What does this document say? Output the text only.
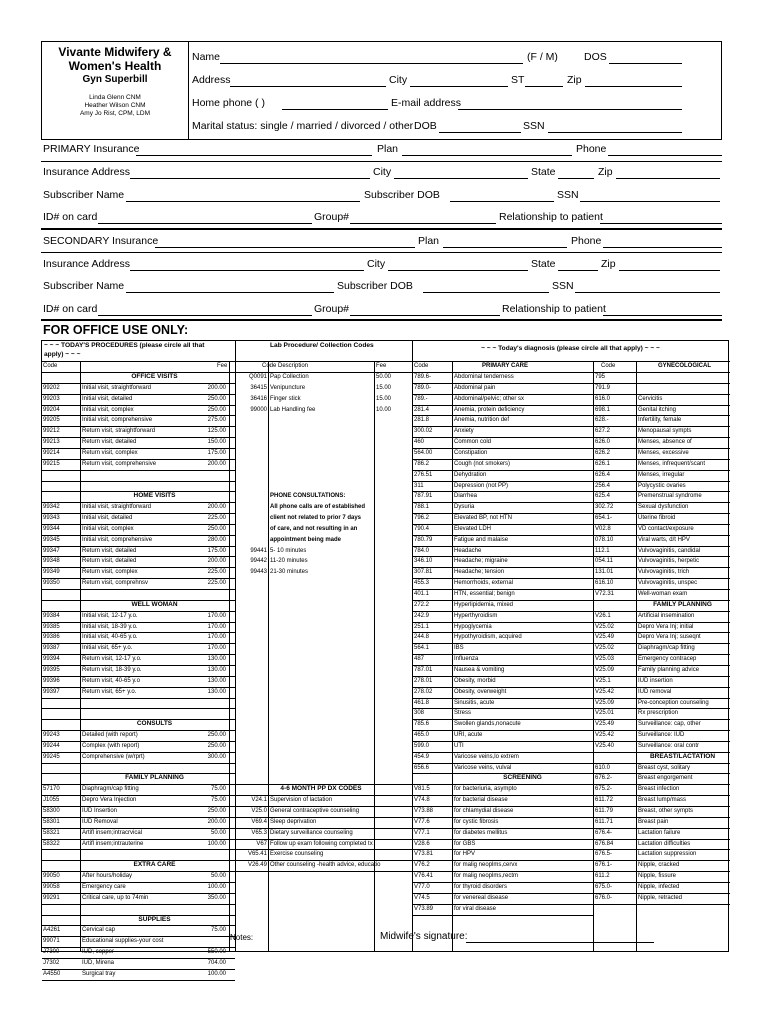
Vivante Midwifery &
Women's Health
Gyn Superbill
Linda Glenn CNM
Heather Wilson CNM
Amy Jo Rist, CPM, LDM
Name	(F / M) DOS
Address	City	ST	Zip
Home phone ( )	E-mail address
Marital status: single / married / divorced / other DOB	SSN
PRIMARY Insurance	Plan	Phone
Insurance Address	City	State	Zip
Subscriber Name	Subscriber DOB	SSN
ID# on card	Group#	Relationship to patient
SECONDARY Insurance	Plan	Phone
Insurance Address	City	State	Zip
Subscriber Name	Subscriber DOB	SSN
ID# on card	Group#	Relationship to patient
FOR OFFICE USE ONLY:
~ ~ ~ TODAY'S PROCEDURES (please circle all that apply) ~ ~ ~
Lab Procedure/ Collection Codes	~ ~ ~ Today's diagnosis (please circle all that apply) ~ ~ ~
Code	Fee	Code Description	Fee	Code	PRIMARY CARE	Code	GYNECOLOGICAL
OFFICE VISITS
99202	Initial visit, straightforward	200.00
99203	Initial visit, detailed	250.00
99204	Initial visit, complex	250.00
99205	Initial visit, comprehensive	275.00
99212	Return visit, straightforward	125.00
99213	Return visit, detailed	150.00
99214	Return visit, complex	175.00
99215	Return visit, comprehensive	200.00
HOME VISITS
99342	Initial visit, straightforward	200.00
99343	Initial visit, detailed	225.00
99344	Initial visit, complex	250.00
99345	Initial visit, comprehensive	280.00
99347	Return visit, detailed	175.00
99348	Return visit, detailed	200.00
99349	Return visit, complex	225.00
99350	Return visit, comprehnsv	225.00
WELL WOMAN
99384	Initial visit, 12-17 y.o.	170.00
99385	Initial visit, 18-39 y.o.	170.00
99386	Initial visit, 40-65 y.o.	170.00
99387	Initial visit, 65+ y.o.	170.00
99394	Return visit, 12-17 y.o.	130.00
99395	Return visit, 18-39 y.o.	130.00
99396	Return visit, 40-65 y.o	130.00
99397	Return visit, 65+ y.o.	130.00
CONSULTS
99243	Detailed (with report)	250.00
99244	Complex (with report)	250.00
99245	Comprehensive (w/rprt)	300.00
FAMILY PLANNING
57170	Diaphragm/cap fitting	75.00
J1055	Depro Vera Injection	75.00
58300	IUD Insertion	250.00
58301	IUD Removal	200.00
58321	Artifl insem;intracrvical	50.00
58322	Artifl insem;intrauterine	100.00
EXTRA CARE
99050	After hours/holiday	50.00
99058	Emergency care	100.00
99291	Critical care, up to 74min	350.00
SUPPLIES
A4261	Cervical cap	75.00
99071	Educational supplies-your cost
J7300	IUD, copper	550.00
J7302	IUD, Mirena	704.00
A4550	Surgical tray	100.00
Q0091 Pap Collection	50.00
36415 Venipuncture	15.00
36416 Finger stick	15.00
99000 Lab Handling fee	10.00
PHONE CONSULTATIONS:
All phone calls are of established
client not related to prior 7 days
of care, and not resulting in an
appointment being made
99441 5- 10 minutes
99442 11-20 minutes
99443 21-30 minutes
4-6 MONTH PP DX CODES
V24.1 Supervision of lactation
V25.0 General contraceptive counseling
V69.4 Sleep deprivation
V65.3 Dietary surveillance counseling
V67 Follow up exam following completed tx
V65.41 Exercise counseling
V26.49 Other counseling -health advice, educatio
789.6-	Abdominal tenderness
789.0-	Abdominal pain
789.-	Abdominal/pelvic; other sx
281.4	Anemia, protein deficiency
281.8	Anemia, nutrition def
300.02	Anxiety
460	Common cold
564.00	Constipation
786.2	Cough (not smokers)
276.51	Dehydration
311	Depression (not PP)
787.91	Diarrhea
788.1	Dysuria
796.2	Elevated BP, not HTN
790.4	Elevated LDH
780.79	Fatigue and malaise
784.0	Headache
346.10	Headache; migraine
307.81	Headache; tension
455.3	Hemorrhoids, external
401.1	HTN, essential; benign
272.2	Hyperlipidemia, mixed
242.9	Hyperthyroidism
251.1	Hypoglycemia
244.8	Hypothyroidism, acquired
564.1	IBS
487	Influenza
787.01	Nausea & vomiting
278.01	Obesity, morbid
278.02	Obesity, overweight
461.8	Sinusitis, acute
308	Stress
785.6	Swollen glands,nonacute
465.0	URI, acute
599.0	UTI
454.9	Varicose veins,lo extrem
656.6	Varicose veins, vulval
SCREENING
V81.5	for bacteriuria, asympto
V74.8	for bacterial disease
V73.88	for chlamydial disease
V77.6	for cystic fibrosis
V77.1	for diabetes mellitus
V28.6	for GBS
V73.81	for HPV
V76.2	for malig neoplms,cervx
V76.41	for malig neoplms,rectm
V77.0	for thyroid disorders
V74.5	for venereal disease
V73.89	for viral disease
795
791.9
616.0	Cervicitis
698.1	Genital itching
628.-	Infertility, female
627.2	Menopausal sympts
626.0	Menses, absence of
626.2	Menses, excessive
626.1	Menses, infrequent/scant
626.4	Menses, irregular
256.4	Polycystic ovaries
625.4	Premenstrual syndrome
302.72	Sexual dysfunction
654.1-	Uterine fibroid
V02.8	VD contact/exposure
078.10	Viral warts, d/t HPV
112.1	Vulvovaginitis, candidal
054.11	Vulvovaginitis, herpetic
131.01	Vulvovaginitis, trich
616.10	Vulvovaginitis, unspec
V72.31	Well-woman exam
FAMILY PLANNING
V26.1	Artificial insemination
V25.02	Depro Vera Inj; initial
V25.49	Depro Vera Inj; suseqnt
V25.02	Diaphragm/cap fitting
V25.03	Emergency contracep
V25.09	Family planning advice
V25.1	IUD insertion
V25.42	IUD removal
V25.09	Pre-conception counseling
V25.01	Rx prescription
V25.49	Surveillance: cap, other
V25.42	Surveillance: IUD
V25.40	Surveillance: oral contr
BREAST/LACTATION
610.0	Breast cyst, solitary
676.2-	Breast engorgement
675.2-	Breast infection
611.72	Breast lump/mass
611.79	Breast, other sympts
611.71	Breast pain
676.4-	Lactation failure
676.84	Lactation difficulties
676.5-	Lactation suppression
676.1-	Nipple, cracked
611.2	Nipple, fissure
675.0-	Nipple, infected
676.0-	Nipple, retracted
Notes:	Midwife's signature:
